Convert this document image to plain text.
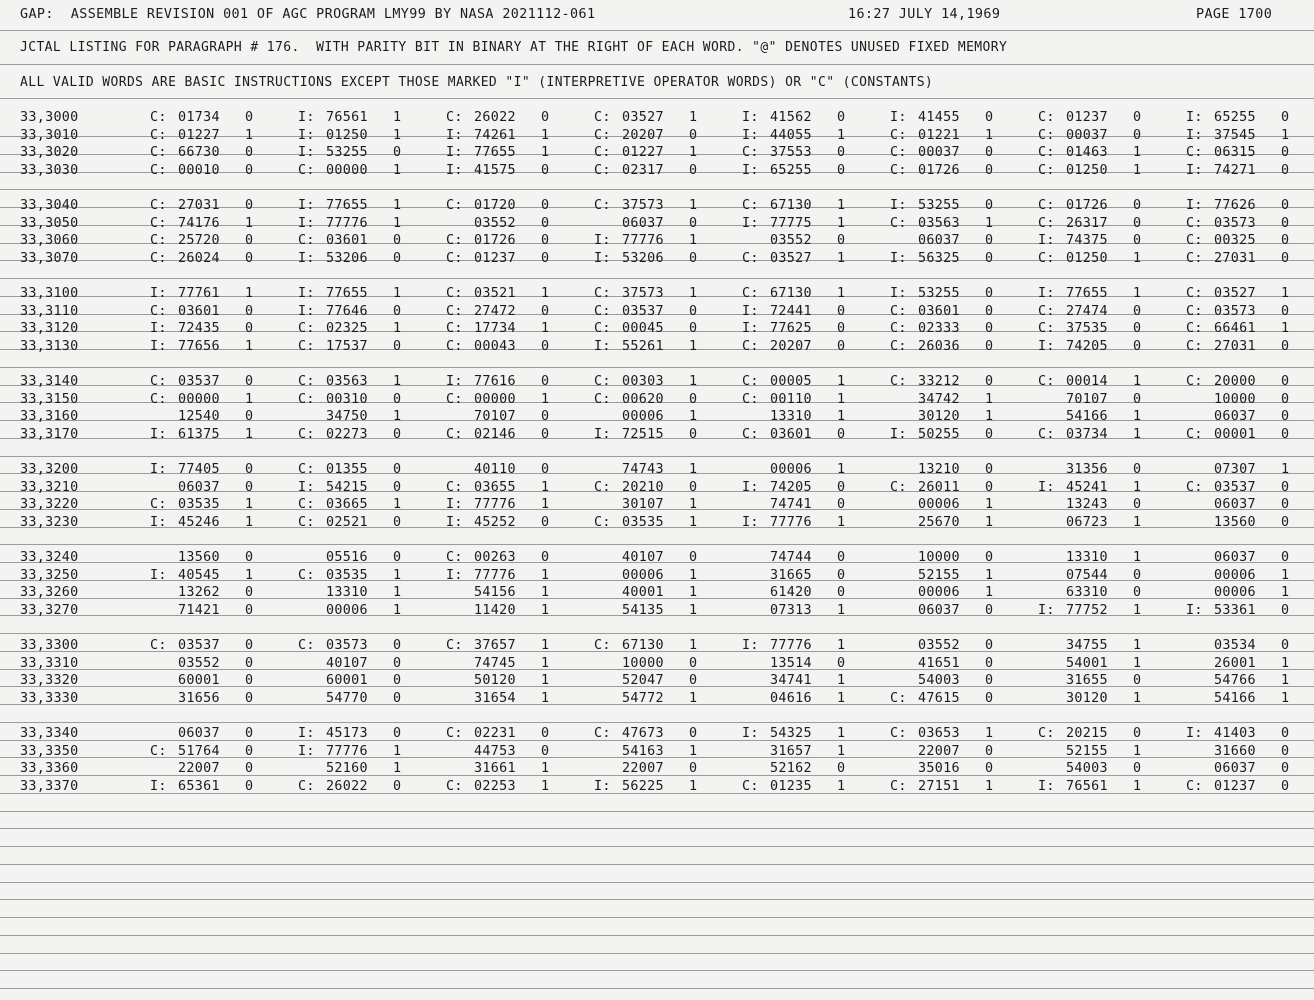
GAP:  ASSEMBLE REVISION 001 OF AGC PROGRAM LMY99 BY NASA 2021112-061	16:27 JULY 14,1969	PAGE 1700
JCTAL LISTING FOR PARAGRAPH # 176.  WITH PARITY BIT IN BINARY AT THE RIGHT OF EACH WORD. "@" DENOTES UNUSED FIXED MEMORY
ALL VALID WORDS ARE BASIC INSTRUCTIONS EXCEPT THOSE MARKED "I" (INTERPRETIVE OPERATOR WORDS) OR "C" (CONSTANTS)
33,3000	C: 01734 0	I: 76561 1	C: 26022 0	C: 03527 1	I: 41562 0	I: 41455 0	C: 01237 0	I: 65255 0
33,3010	C: 01227 1	I: 01250 1	I: 74261 1	C: 20207 0	I: 44055 1	C: 01221 1	C: 00037 0	I: 37545 1
33,3020	C: 66730 0	I: 53255 0	I: 77655 1	C: 01227 1	C: 37553 0	C: 00037 0	C: 01463 1	C: 06315 0
33,3030	C: 00010 0	C: 00000 1	I: 41575 0	C: 02317 0	I: 65255 0	C: 01726 0	C: 01250 1	I: 74271 0
33,3040	C: 27031 0	I: 77655 1	C: 01720 0	C: 37573 1	C: 67130 1	I: 53255 0	C: 01726 0	I: 77626 0
33,3050	C: 74176 1	I: 77776 1	03552 0	06037 0	I: 77775 1	C: 03563 1	C: 26317 0	C: 03573 0
33,3060	C: 25720 0	C: 03601 0	C: 01726 0	I: 77776 1	03552 0	06037 0	I: 74375 0	C: 00325 0
33,3070	C: 26024 0	I: 53206 0	C: 01237 0	I: 53206 0	C: 03527 1	I: 56325 0	C: 01250 1	C: 27031 0
33,3100	I: 77761 1	I: 77655 1	C: 03521 1	C: 37573 1	C: 67130 1	I: 53255 0	I: 77655 1	C: 03527 1
33,3110	C: 03601 0	I: 77646 0	C: 27472 0	C: 03537 0	I: 72441 0	C: 03601 0	C: 27474 0	C: 03573 0
33,3120	I: 72435 0	C: 02325 1	C: 17734 1	C: 00045 0	I: 77625 0	C: 02333 0	C: 37535 0	C: 66461 1
33,3130	I: 77656 1	C: 17537 0	C: 00043 0	I: 55261 1	C: 20207 0	C: 26036 0	I: 74205 0	C: 27031 0
33,3140	C: 03537 0	C: 03563 1	I: 77616 0	C: 00303 1	C: 00005 1	C: 33212 0	C: 00014 1	C: 20000 0
33,3150	C: 00000 1	C: 00310 0	C: 00000 1	C: 00620 0	C: 00110 1	34742 1	70107 0	10000 0
33,3160	12540 0	34750 1	70107 0	00006 1	13310 1	30120 1	54166 1	06037 0
33,3170	I: 61375 1	C: 02273 0	C: 02146 0	I: 72515 0	C: 03601 0	I: 50255 0	C: 03734 1	C: 00001 0
33,3200	I: 77405 0	C: 01355 0	40110 0	74743 1	00006 1	13210 0	31356 0	07307 1
33,3210	06037 0	I: 54215 0	C: 03655 1	C: 20210 0	I: 74205 0	C: 26011 0	I: 45241 1	C: 03537 0
33,3220	C: 03535 1	C: 03665 1	I: 77776 1	30107 1	74741 0	00006 1	13243 0	06037 0
33,3230	I: 45246 1	C: 02521 0	I: 45252 0	C: 03535 1	I: 77776 1	25670 1	06723 1	13560 0
33,3240	13560 0	05516 0	C: 00263 0	40107 0	74744 0	10000 0	13310 1	06037 0
33,3250	I: 40545 1	C: 03535 1	I: 77776 1	00006 1	31665 0	52155 1	07544 0	00006 1
33,3260	13262 0	13310 1	54156 1	40001 1	61420 0	00006 1	63310 0	00006 1
33,3270	71421 0	00006 1	11420 1	54135 1	07313 1	06037 0	I: 77752 1	I: 53361 0
33,3300	C: 03537 0	C: 03573 0	C: 37657 1	C: 67130 1	I: 77776 1	03552 0	34755 1	03534 0
33,3310	03552 0	40107 0	74745 1	10000 0	13514 0	41651 0	54001 1	26001 1
33,3320	60001 0	60001 0	50120 1	52047 0	34741 1	54003 0	31655 0	54766 1
33,3330	31656 0	54770 0	31654 1	54772 1	04616 1	C: 47615 0	30120 1	54166 1
33,3340	06037 0	I: 45173 0	C: 02231 0	C: 47673 0	I: 54325 1	C: 03653 1	C: 20215 0	I: 41403 0
33,3350	C: 51764 0	I: 77776 1	44753 0	54163 1	31657 1	22007 0	52155 1	31660 0
33,3360	22007 0	52160 1	31661 1	22007 0	52162 0	35016 0	54003 0	06037 0
33,3370	I: 65361 0	C: 26022 0	C: 02253 1	I: 56225 1	C: 01235 1	C: 27151 1	I: 76561 1	C: 01237 0
